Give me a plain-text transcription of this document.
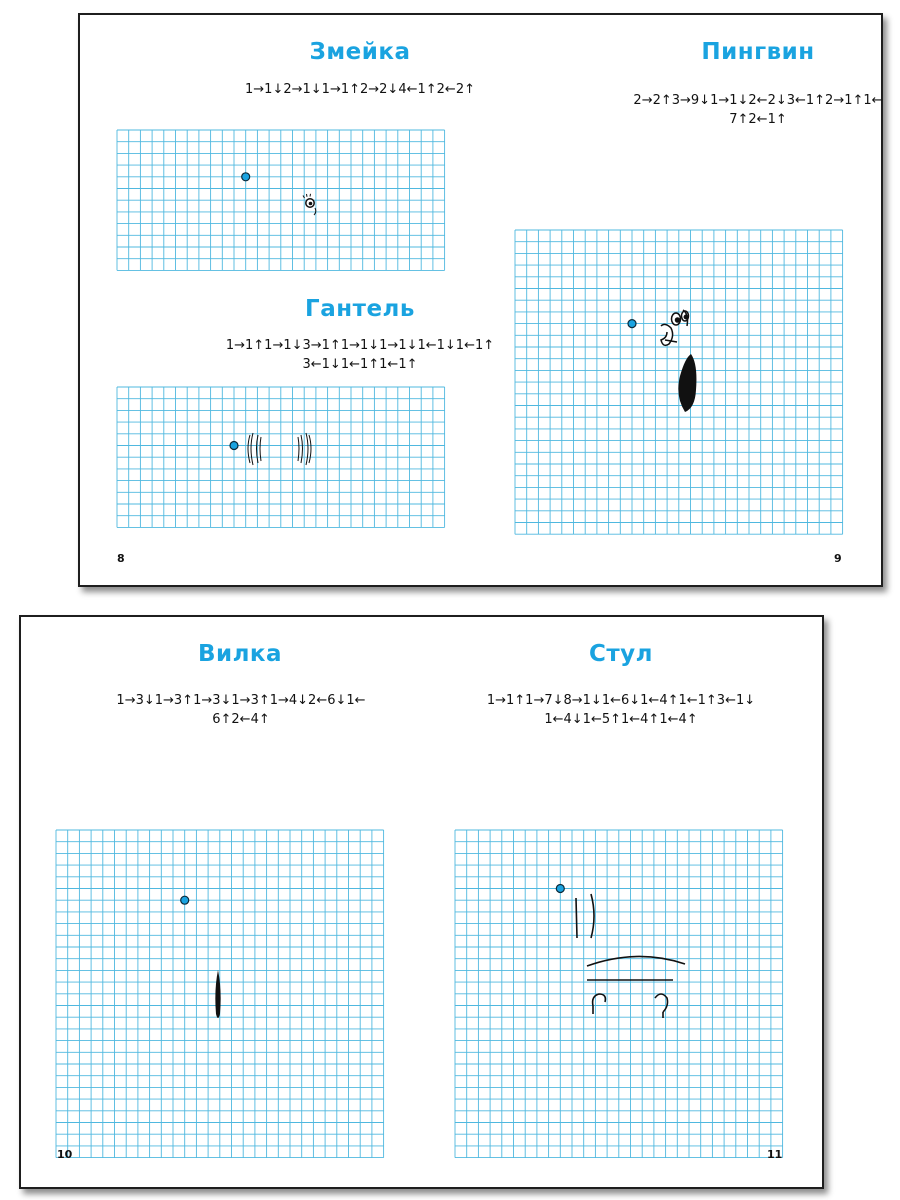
Змейка
1→1↓2→1↓1→1↑2→2↓4←1↑2←2↑
Гантель
1→1↑1→1↓3→1↑1→1↓1→1↓1←1↓1←1↑
3←1↓1←1↑1←1↑
Пингвин
2→2↑3→9↓1→1↓2←2↓3←1↑2→1↑1←
7↑2←1↑
8	9
Вилка
1→3↓1→3↑1→3↓1→3↑1→4↓2←6↓1←
6↑2←4↑
Стул
1→1↑1→7↓8→1↓1←6↓1←4↑1←1↑3←1↓
1←4↓1←5↑1←4↑1←4↑
10	11
